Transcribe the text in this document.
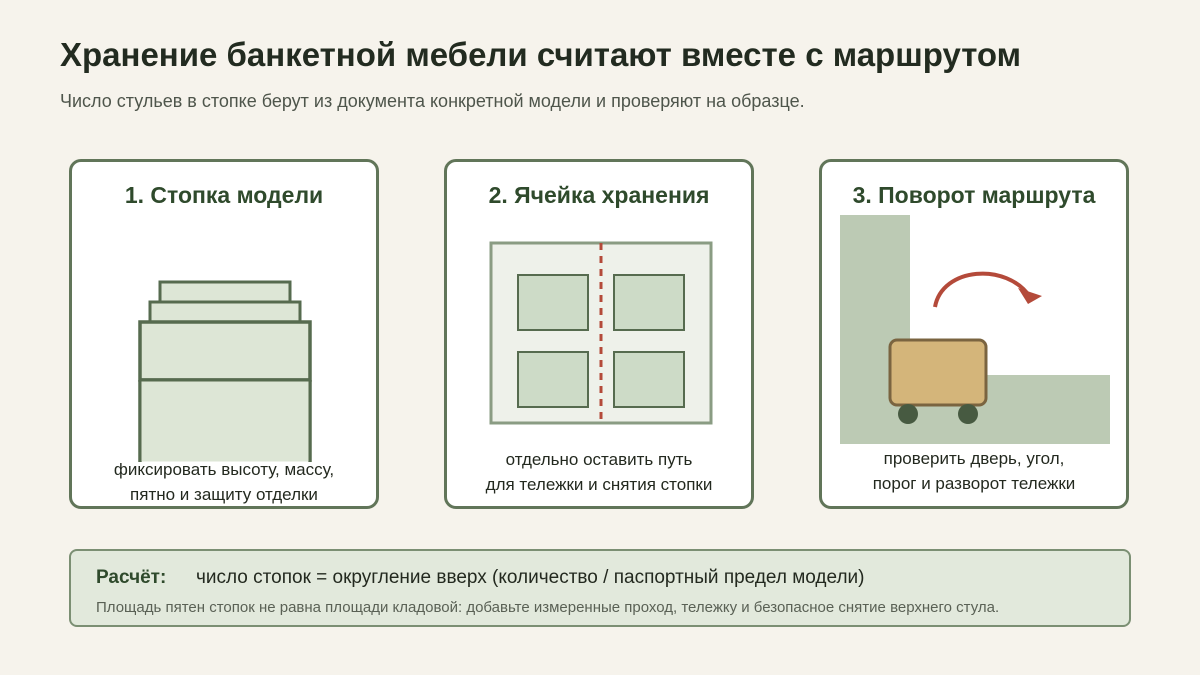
Хранение банкетной мебели считают вместе с маршрутом

Число стульев в стопке берут из документа конкретной модели и проверяют на образце.

1. Стопка модели
фиксировать высоту, массу,
пятно и защиту отделки
2. Ячейка хранения
отдельно оставить путь
для тележки и снятия стопки
3. Поворот маршрута
проверить дверь, угол,
порог и разворот тележки
Расчёт: число стопок = округление вверх (количество / паспортный предел модели)
Площадь пятен стопок не равна площади кладовой: добавьте измеренные проход, тележку и безопасное снятие верхнего стула.
